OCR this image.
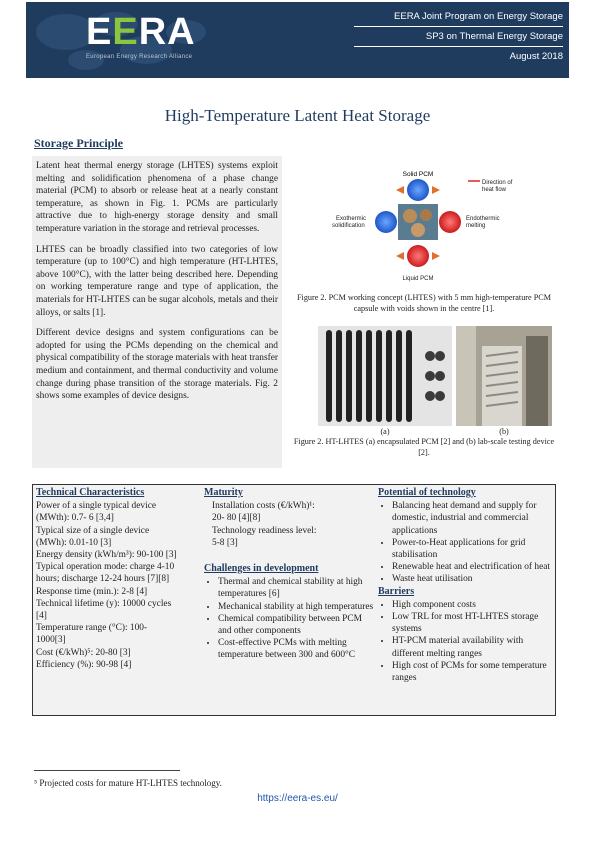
EERA
European Energy Research Alliance
EERA Joint Program on Energy Storage
SP3 on Thermal Energy Storage
August 2018
High-Temperature Latent Heat Storage
Storage Principle

Latent heat thermal energy storage (LHTES) systems exploit melting and solidification phenomena of a phase change material (PCM) to absorb or release heat at a nearly constant temperature, as shown in Fig. 1. PCMs are particularly attractive due to high-energy storage density and small temperature variation in the storage and retrieval processes.

LHTES can be broadly classified into two categories of low temperature (up to 100°C) and high temperature (HT-LHTES, above 100°C), with the latter being described here. Depending on working temperature range and type of application, the materials for HT-LHTES can be sugar alcohols, metals and their alloys, or salts [1].

Different device designs and system configurations can be adopted for using the PCMs depending on the chemical and physical compatibility of the storage materials with heat transfer medium and containment, and thermal conductivity and volume change during phase transition of the storage materials. Fig. 2 shows some examples of device designs.

Solid PCM
Exothermic
solidification
Endothermic
melting
Liquid PCM
Direction of
heat flow
Figure 2. PCM working concept (LHTES) with 5 mm high-temperature PCM capsule with voids shown in the centre [1].
(a)	(b)
Figure 2. HT-LHTES (a) encapsulated PCM [2] and (b) lab-scale testing device [2].
Technical Characteristics
Power of a single typical device
(MWth): 0.7- 6 [3,4]
Typical size of a single device
(MWh): 0.01-10 [3]
Energy density (kWh/m³): 90-100 [3]
Typical operation mode: charge 4-10
hours; discharge 12-24 hours [7][8]
Response time (min.): 2-8 [4]
Technical lifetime (y): 10000 cycles
[4]
Temperature range (°C): 100-
1000[3]
Cost (€/kWh)⁵: 20-80 [3]
Efficiency (%): 90-98 [4]
Maturity
Installation costs (€/kWh)¹:
20- 80 [4][8]
Technology readiness level:
5-8 [3]
Challenges in development
• Thermal and chemical stability at high temperatures [6]
• Mechanical stability at high temperatures
• Chemical compatibility between PCM and other components
• Cost-effective PCMs with melting temperature between 300 and 600°C
Potential of technology
• Balancing heat demand and supply for domestic, industrial and commercial applications
• Power-to-Heat applications for grid stabilisation
• Renewable heat and electrification of heat
• Waste heat utilisation
Barriers
• High component costs
• Low TRL for most HT-LHTES storage systems
• HT-PCM material availability with different melting ranges
• High cost of PCMs for some temperature ranges
⁵ Projected costs for mature HT-LHTES technology.
https://eera-es.eu/
